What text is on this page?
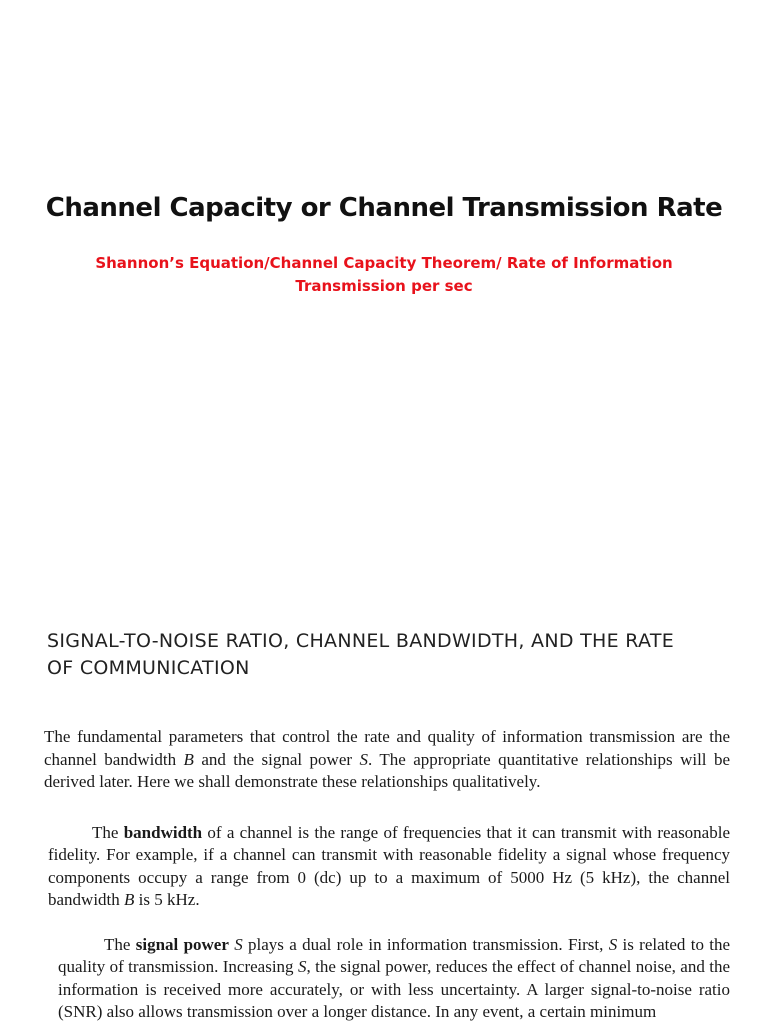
Channel Capacity or Channel Transmission Rate

Shannon’s Equation/Channel Capacity Theorem/ Rate of Information
Transmission per sec

SIGNAL-TO-NOISE RATIO, CHANNEL BANDWIDTH, AND THE RATE
OF COMMUNICATION

The fundamental parameters that control the rate and quality of information transmission are the channel bandwidth B and the signal power S. The appropriate quantitative relationships will be derived later. Here we shall demonstrate these relationships qualitatively.

The bandwidth of a channel is the range of frequencies that it can transmit with reasonable fidelity. For example, if a channel can transmit with reasonable fidelity a signal whose frequency components occupy a range from 0 (dc) up to a maximum of 5000 Hz (5 kHz), the channel bandwidth B is 5 kHz.

The signal power S plays a dual role in information transmission. First, S is related to the quality of transmission. Increasing S, the signal power, reduces the effect of channel noise, and the information is received more accurately, or with less uncertainty. A larger signal-to-noise ratio (SNR) also allows transmission over a longer distance. In any event, a certain minimum
